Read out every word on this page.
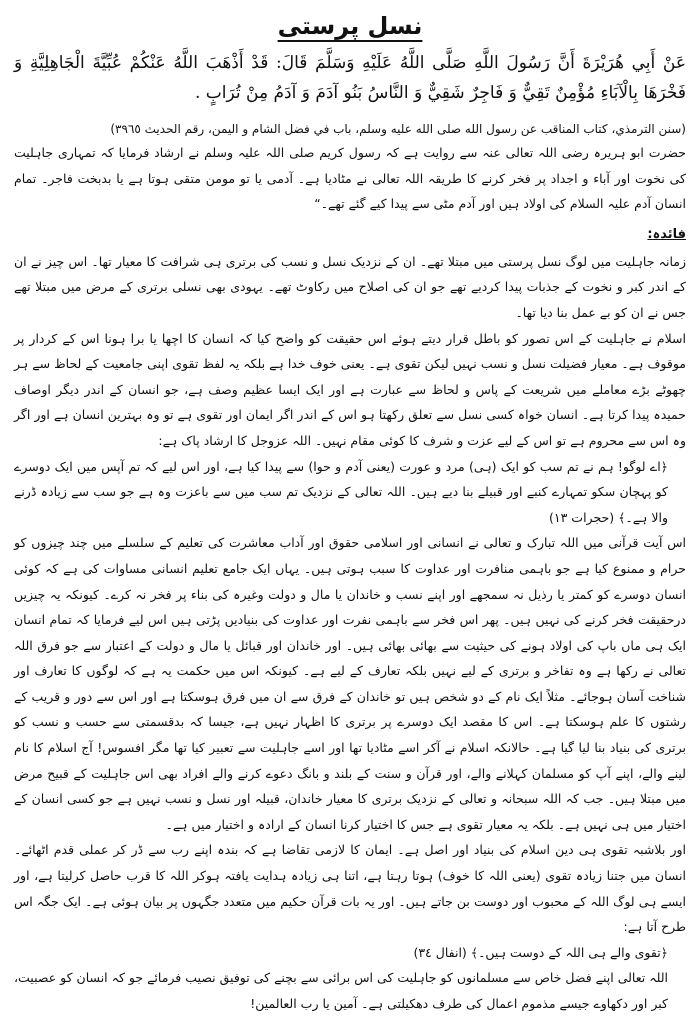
نسل پرستی

عَنْ أَبِي هُرَيْرَةَ أَنَّ رَسُولَ اللَّهِ صَلَّى اللَّهُ عَلَيْهِ وَسَلَّمَ قَالَ: قَدْ أَذْهَبَ اللَّهُ عَنْكُمْ عُبِّيَّةَ الْجَاهِلِيَّةِ وَ فَخْرَهَا بِالْآبَاءِ مُؤْمِنٌ تَقِيٌّ وَ فَاجِرٌ شَقِيٌّ وَ النَّاسُ بَنُو آدَمَ وَ آدَمُ مِنْ تُرَابٍ .

(سنن الترمذي، كتاب المناقب عن رسول الله صلى الله عليه وسلم، باب في فضل الشام و اليمن، رقم الحديث ٣٩٦٥)

حضرت ابو ہریرہ رضی اللہ تعالی عنہ سے روایت ہے کہ رسول کریم صلی اللہ علیہ وسلم نے ارشاد فرمایا کہ تمہاری جاہلیت کی نخوت اور آباء و اجداد پر فخر کرنے کا طریقہ اللہ تعالی نے مٹادیا ہے۔ آدمی یا تو مومن متقی ہوتا ہے یا بدبخت فاجر۔ تمام انسان آدم علیہ السلام کی اولاد ہیں اور آدم مٹی سے پیدا کیے گئے تھے۔“

فائدہ:

زمانہ جاہلیت میں لوگ نسل پرستی میں مبتلا تھے۔ ان کے نزدیک نسل و نسب کی برتری ہی شرافت کا معیار تھا۔ اس چیز نے ان کے اندر کبر و نخوت کے جذبات پیدا کردیے تھے جو ان کی اصلاح میں رکاوٹ تھے۔ یہودی بھی نسلی برتری کے مرض میں مبتلا تھے جس نے ان کو بے عمل بنا دیا تھا۔

اسلام نے جاہلیت کے اس تصور کو باطل قرار دیتے ہوئے اس حقیقت کو واضح کیا کہ انسان کا اچھا یا برا ہونا اس کے کردار پر موقوف ہے۔ معیار فضیلت نسل و نسب نہیں لیکن تقوی ہے۔ یعنی خوف خدا ہے بلکہ یہ لفظ تقوی اپنی جامعیت کے لحاظ سے ہر چھوٹے بڑے معاملے میں شریعت کے پاس و لحاظ سے عبارت ہے اور ایک ایسا عظیم وصف ہے، جو انسان کے اندر دیگر اوصاف حمیدہ پیدا کرتا ہے۔ انسان خواہ کسی نسل سے تعلق رکھتا ہو اس کے اندر اگر ایمان اور تقوی ہے تو وہ بہترین انسان ہے اور اگر وہ اس سے محروم ہے تو اس کے لیے عزت و شرف کا کوئی مقام نہیں۔ اللہ عزوجل کا ارشاد پاک ہے:

﴿اے لوگو! ہم نے تم سب کو ایک (ہی) مرد و عورت (یعنی آدم و حوا) سے پیدا کیا ہے، اور اس لیے کہ تم آپس میں ایک دوسرے کو پہچان سکو تمہارے کنبے اور قبیلے بنا دیے ہیں۔ اللہ تعالی کے نزدیک تم سب میں سے باعزت وہ ہے جو سب سے زیادہ ڈرنے والا ہے۔﴾ (حجرات ١٣)

اس آیت قرآنی میں اللہ تبارک و تعالی نے انسانی اور اسلامی حقوق اور آداب معاشرت کی تعلیم کے سلسلے میں چند چیزوں کو حرام و ممنوع کیا ہے جو باہمی منافرت اور عداوت کا سبب ہوتی ہیں۔ یہاں ایک جامع تعلیم انسانی مساوات کی ہے کہ کوئی انسان دوسرے کو کمتر یا رذیل نہ سمجھے اور اپنے نسب و خاندان یا مال و دولت وغیرہ کی بناء پر فخر نہ کرے۔ کیونکہ یہ چیزیں درحقیقت فخر کرنے کی نہیں ہیں۔ پھر اس فخر سے باہمی نفرت اور عداوت کی بنیادیں پڑتی ہیں اس لیے فرمایا کہ تمام انسان ایک ہی ماں باپ کی اولاد ہونے کی حیثیت سے بھائی بھائی ہیں۔ اور خاندان اور قبائل یا مال و دولت کے اعتبار سے جو فرق اللہ تعالی نے رکھا ہے وہ تفاخر و برتری کے لیے نہیں بلکہ تعارف کے لیے ہے۔ کیونکہ اس میں حکمت یہ ہے کہ لوگوں کا تعارف اور شناخت آسان ہوجائے۔ مثلاً ایک نام کے دو شخص ہیں تو خاندان کے فرق سے ان میں فرق ہوسکتا ہے اور اس سے دور و قریب کے رشتوں کا علم ہوسکتا ہے۔ اس کا مقصد ایک دوسرے پر برتری کا اظہار نہیں ہے، جیسا کہ بدقسمتی سے حسب و نسب کو برتری کی بنیاد بنا لیا گیا ہے۔ حالانکہ اسلام نے آکر اسے مٹادیا تھا اور اسے جاہلیت سے تعبیر کیا تھا مگر افسوس! آج اسلام کا نام لینے والے، اپنے آپ کو مسلمان کہلانے والے، اور قرآن و سنت کے بلند و بانگ دعوے کرنے والے افراد بھی اس جاہلیت کے قبیح مرض میں مبتلا ہیں۔ جب کہ اللہ سبحانہ و تعالی کے نزدیک برتری کا معیار خاندان، قبیلہ اور نسل و نسب نہیں ہے جو کسی انسان کے اختیار میں ہی نہیں ہے۔ بلکہ یہ معیار تقوی ہے جس کا اختیار کرنا انسان کے ارادہ و اختیار میں ہے۔

اور بلاشبہ تقوی ہی دین اسلام کی بنیاد اور اصل ہے۔ ایمان کا لازمی تقاضا ہے کہ بندہ اپنے رب سے ڈر کر عملی قدم اٹھائے۔ انسان میں جتنا زیادہ تقوی (یعنی اللہ کا خوف) ہوتا رہتا ہے، اتنا ہی زیادہ ہدایت یافتہ ہوکر اللہ کا قرب حاصل کرلیتا ہے، اور ایسے ہی لوگ اللہ کے محبوب اور دوست بن جاتے ہیں۔ اور یہ بات قرآن حکیم میں متعدد جگہوں پر بیان ہوئی ہے۔ ایک جگہ اس طرح آتا ہے:

﴿تقوی والے ہی اللہ کے دوست ہیں۔﴾ (انفال ٣٤)

اللہ تعالی اپنے فضل خاص سے مسلمانوں کو جاہلیت کی اس برائی سے بچنے کی توفیق نصیب فرمائے جو کہ انسان کو عصبیت، کبر اور دکھاوے جیسے مذموم اعمال کی طرف دھکیلتی ہے۔ آمین یا رب العالمین!
